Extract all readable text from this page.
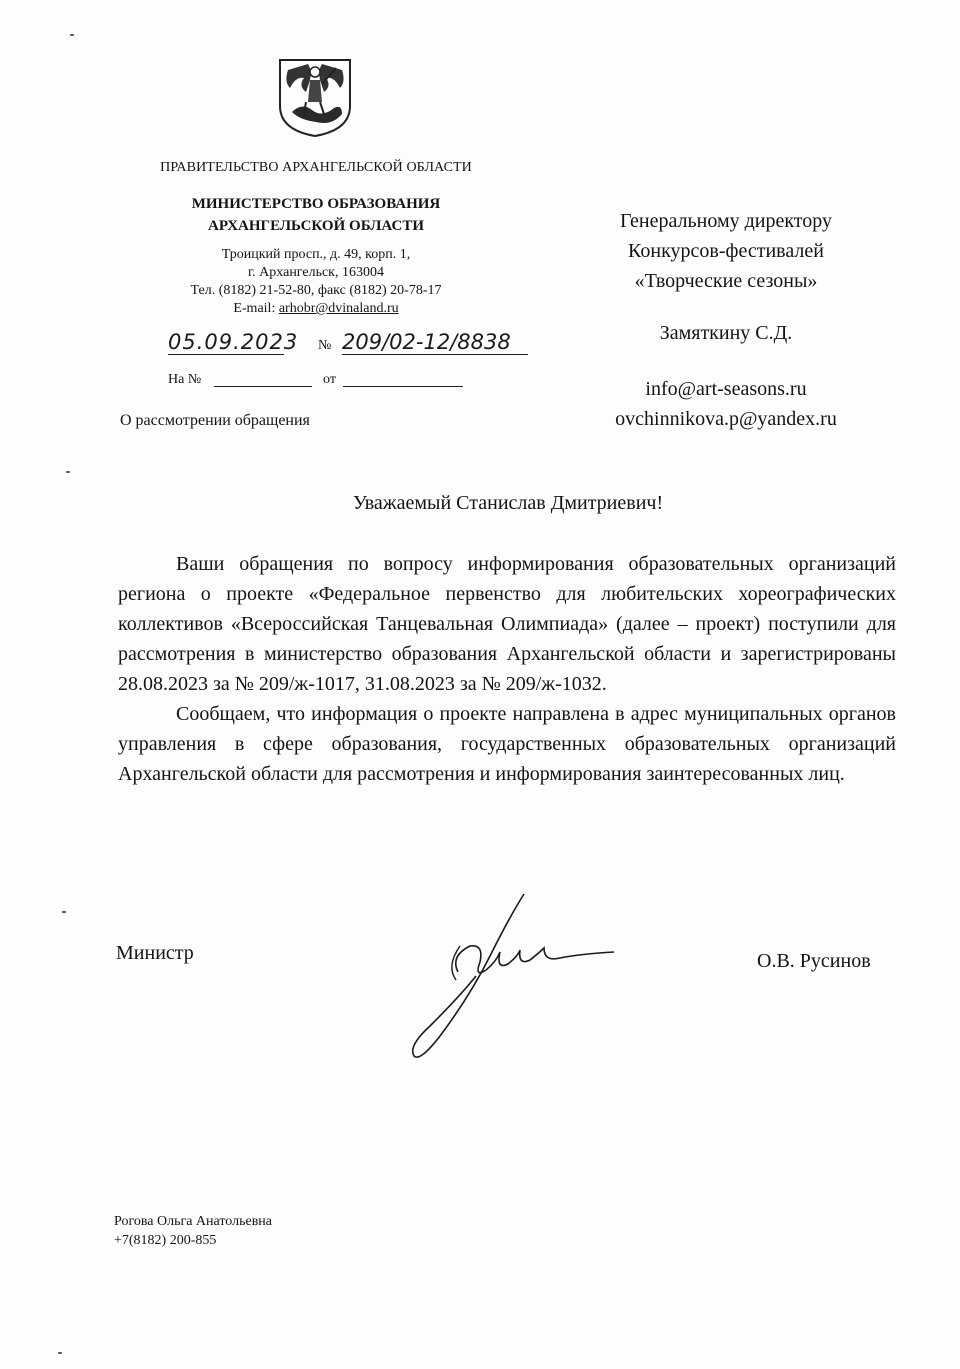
ПРАВИТЕЛЬСТВО АРХАНГЕЛЬСКОЙ ОБЛАСТИ
МИНИСТЕРСТВО ОБРАЗОВАНИЯ
АРХАНГЕЛЬСКОЙ ОБЛАСТИ
Троицкий просп., д. 49, корп. 1,
г. Архангельск, 163004
Тел. (8182) 21-52-80, факс (8182) 20-78-17
E-mail: arhobr@dvinaland.ru
05.09.2023 № 209/02-12/8838
На №	от
О рассмотрении обращения
Генеральному директору
Конкурсов-фестивалей
«Творческие сезоны»
Замяткину С.Д.
info@art-seasons.ru
ovchinnikova.p@yandex.ru
Уважаемый Станислав Дмитриевич!

Ваши обращения по вопросу информирования образовательных организаций региона о проекте «Федеральное первенство для любительских хореографических коллективов «Всероссийская Танцевальная Олимпиада» (далее – проект) поступили для рассмотрения в министерство образования Архангельской области и зарегистрированы 28.08.2023 за № 209/ж-1017, 31.08.2023 за № 209/ж-1032.

Сообщаем, что информация о проекте направлена в адрес муниципальных органов управления в сфере образования, государственных образовательных организаций Архангельской области для рассмотрения и информирования заинтересованных лиц.

Министр	О.В. Русинов
Рогова Ольга Анатольевна
+7(8182) 200-855
